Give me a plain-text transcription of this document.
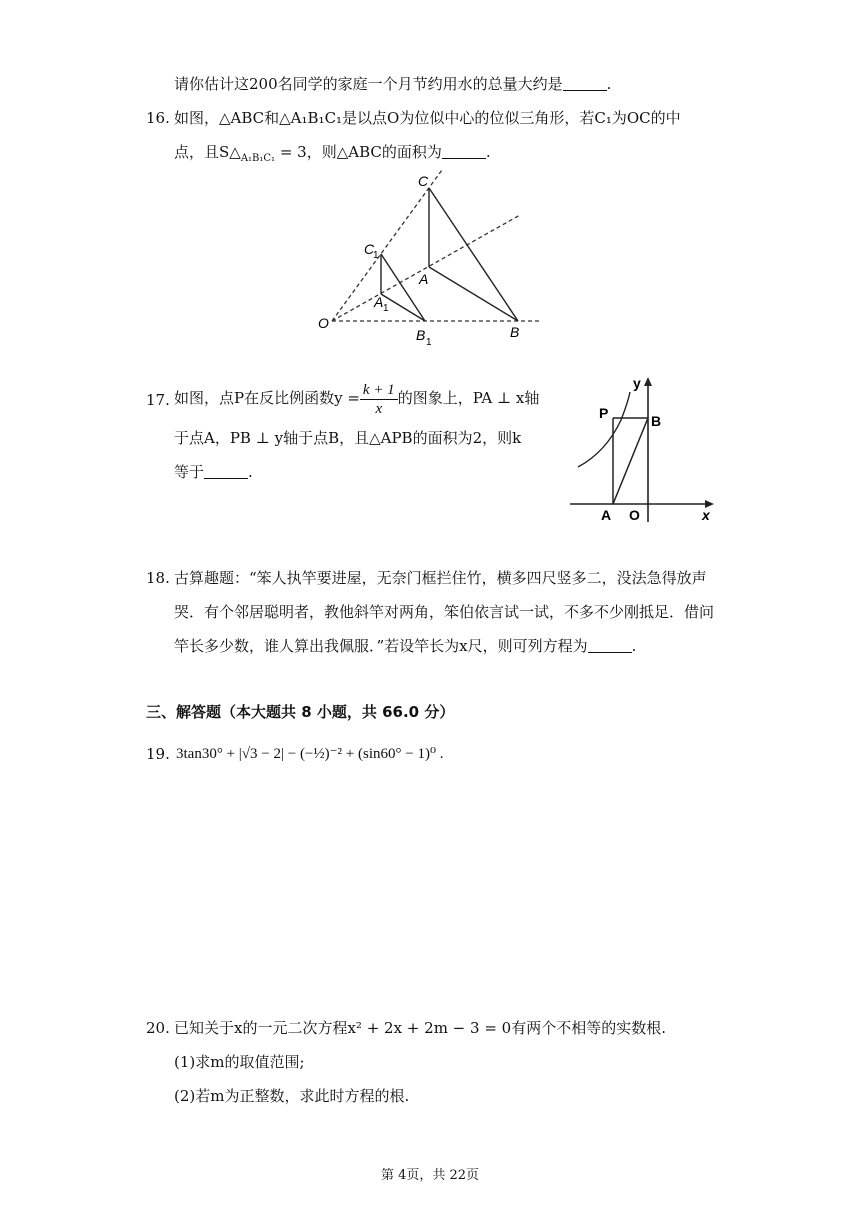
请你估计这200名同学的家庭一个月节约用水的总量大约是	.
16. 如图，△ABC和△A₁B₁C₁是以点O为位似中心的位似三角形，若C₁为OC的中
点，且$S\triangle_{A_1B_1C_1} = 3$，则△ABC的面积为	.
C
C
1
A
A 1
O
B 1
B
17. 如图，点P在反比例函数$y = \frac{k + 1}{x}$ 的图象上，PA ⊥ x轴
于点A，PB ⊥ y轴于点B，且△APB的面积为2，则k
等于	.
y
P	B
A O	x
18. 古算趣题：“笨人执竿要进屋，无奈门框拦住竹，横多四尺竖多二，没法急得放声
哭．有个邻居聪明者，教他斜竿对两角，笨伯依言试一试，不多不少刚抵足．借问
竿长多少数，谁人算出我佩服．”若设竿长为x尺，则可列方程为	.
三、解答题（本大题共 8 小题，共 66.0 分）
19. 3tan30° + |√3 − 2| − (−½)⁻² + (sin60° − 1)⁰ .
20. 已知关于x的一元二次方程x² + 2x + 2m − 3 = 0有两个不相等的实数根.
(1)求m的取值范围;
(2)若m为正整数，求此时方程的根.
第 4页，共 22页
